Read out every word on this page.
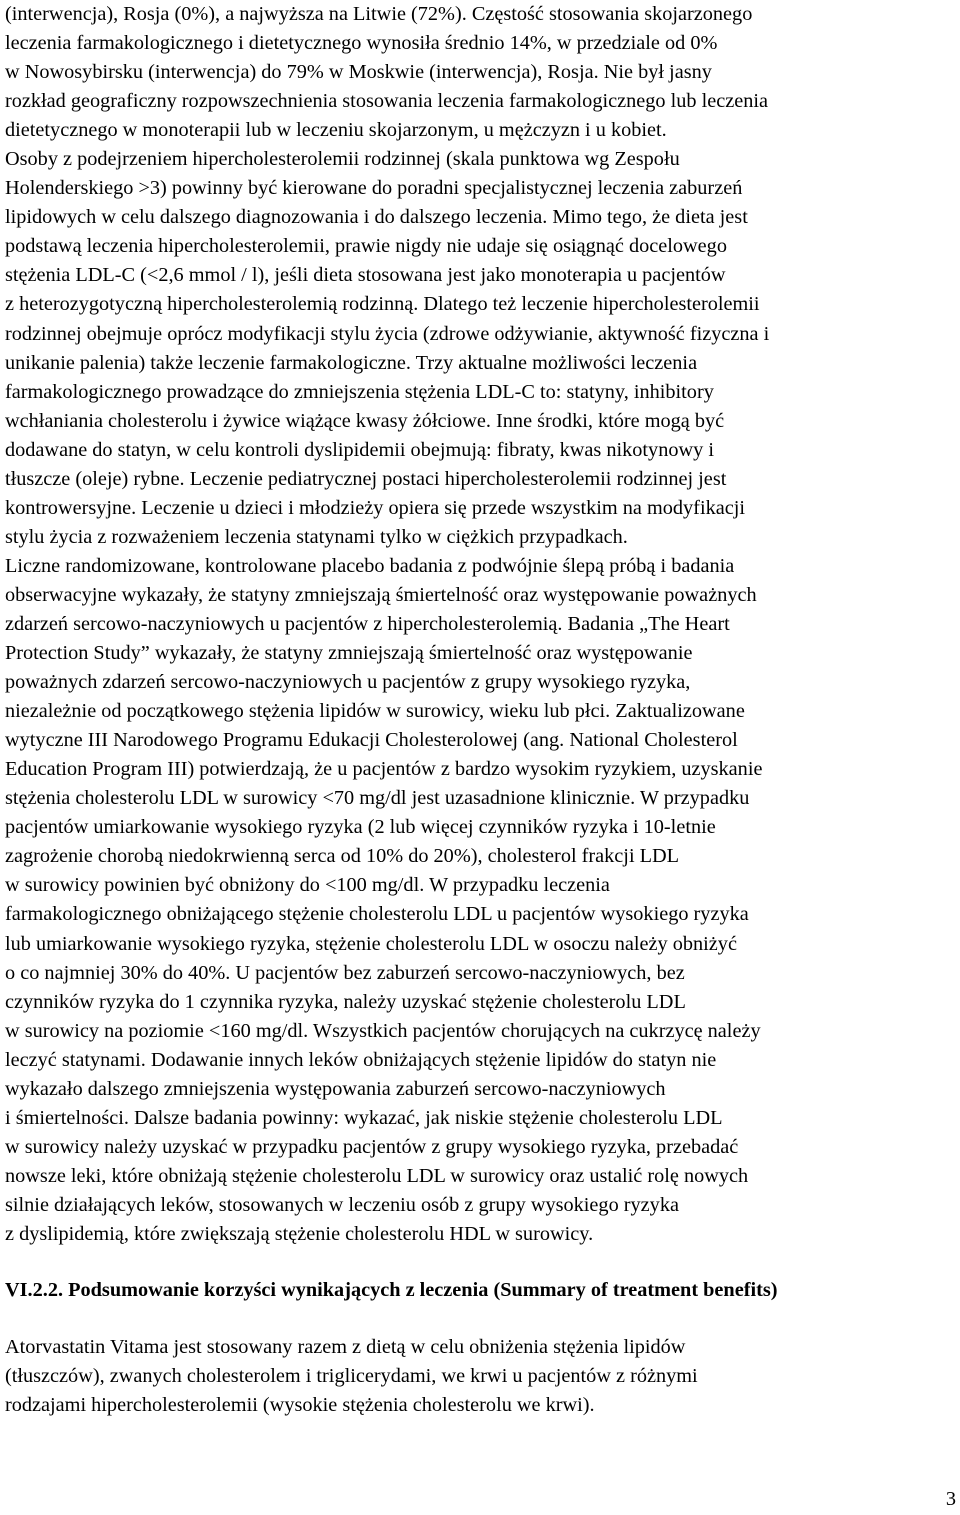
(interwencja), Rosja (0%), a najwyższa na Litwie (72%). Częstość stosowania skojarzonego
leczenia farmakologicznego i dietetycznego wynosiła średnio 14%, w przedziale od 0%
w Nowosybirsku (interwencja) do 79% w Moskwie (interwencja), Rosja. Nie był jasny
rozkład geograficzny rozpowszechnienia stosowania leczenia farmakologicznego lub leczenia
dietetycznego w monoterapii lub w leczeniu skojarzonym, u mężczyzn i u kobiet.
Osoby z podejrzeniem hipercholesterolemii rodzinnej (skala punktowa wg Zespołu
Holenderskiego >3) powinny być kierowane do poradni specjalistycznej leczenia zaburzeń
lipidowych w celu dalszego diagnozowania i do dalszego leczenia. Mimo tego, że dieta jest
podstawą leczenia hipercholesterolemii, prawie nigdy nie udaje się osiągnąć docelowego
stężenia LDL-C (<2,6 mmol / l), jeśli dieta stosowana jest jako monoterapia u pacjentów
z heterozygotyczną hipercholesterolemią rodzinną. Dlatego też leczenie hipercholesterolemii
rodzinnej obejmuje oprócz modyfikacji stylu życia (zdrowe odżywianie, aktywność fizyczna i
unikanie palenia) także leczenie farmakologiczne. Trzy aktualne możliwości leczenia
farmakologicznego prowadzące do zmniejszenia stężenia LDL-C to: statyny, inhibitory
wchłaniania cholesterolu i żywice wiążące kwasy żółciowe. Inne środki, które mogą być
dodawane do statyn, w celu kontroli dyslipidemii obejmują: fibraty, kwas nikotynowy i
tłuszcze (oleje) rybne. Leczenie pediatrycznej postaci hipercholesterolemii rodzinnej jest
kontrowersyjne. Leczenie u dzieci i młodzieży opiera się przede wszystkim na modyfikacji
stylu życia z rozważeniem leczenia statynami tylko w ciężkich przypadkach.
Liczne randomizowane, kontrolowane placebo badania z podwójnie ślepą próbą i badania
obserwacyjne wykazały, że statyny zmniejszają śmiertelność oraz występowanie poważnych
zdarzeń sercowo-naczyniowych u pacjentów z hipercholesterolemią. Badania „The Heart
Protection Study” wykazały, że statyny zmniejszają śmiertelność oraz występowanie
poważnych zdarzeń sercowo-naczyniowych u pacjentów z grupy wysokiego ryzyka,
niezależnie od początkowego stężenia lipidów w surowicy, wieku lub płci. Zaktualizowane
wytyczne III Narodowego Programu Edukacji Cholesterolowej (ang. National Cholesterol
Education Program III) potwierdzają, że u pacjentów z bardzo wysokim ryzykiem, uzyskanie
stężenia cholesterolu LDL w surowicy <70 mg/dl jest uzasadnione klinicznie. W przypadku
pacjentów umiarkowanie wysokiego ryzyka (2 lub więcej czynników ryzyka i 10-letnie
zagrożenie chorobą niedokrwienną serca od 10% do 20%), cholesterol frakcji LDL
w surowicy powinien być obniżony do <100 mg/dl. W przypadku leczenia
farmakologicznego obniżającego stężenie cholesterolu LDL u pacjentów wysokiego ryzyka
lub umiarkowanie wysokiego ryzyka, stężenie cholesterolu LDL w osoczu należy obniżyć
o co najmniej 30% do 40%. U pacjentów bez zaburzeń sercowo-naczyniowych, bez
czynników ryzyka do 1 czynnika ryzyka, należy uzyskać stężenie cholesterolu LDL
w surowicy na poziomie <160 mg/dl. Wszystkich pacjentów chorujących na cukrzycę należy
leczyć statynami. Dodawanie innych leków obniżających stężenie lipidów do statyn nie
wykazało dalszego zmniejszenia występowania zaburzeń sercowo-naczyniowych
i śmiertelności. Dalsze badania powinny: wykazać, jak niskie stężenie cholesterolu LDL
w surowicy należy uzyskać w przypadku pacjentów z grupy wysokiego ryzyka, przebadać
nowsze leki, które obniżają stężenie cholesterolu LDL w surowicy oraz ustalić rolę nowych
silnie działających leków, stosowanych w leczeniu osób z grupy wysokiego ryzyka
z dyslipidemią, które zwiększają stężenie cholesterolu HDL w surowicy.
VI.2.2. Podsumowanie korzyści wynikających z leczenia (Summary of treatment benefits)
Atorvastatin Vitama jest stosowany razem z dietą w celu obniżenia stężenia lipidów
(tłuszczów), zwanych cholesterolem i triglicerydami, we krwi u pacjentów z różnymi
rodzajami hipercholesterolemii (wysokie stężenia cholesterolu we krwi).
3
